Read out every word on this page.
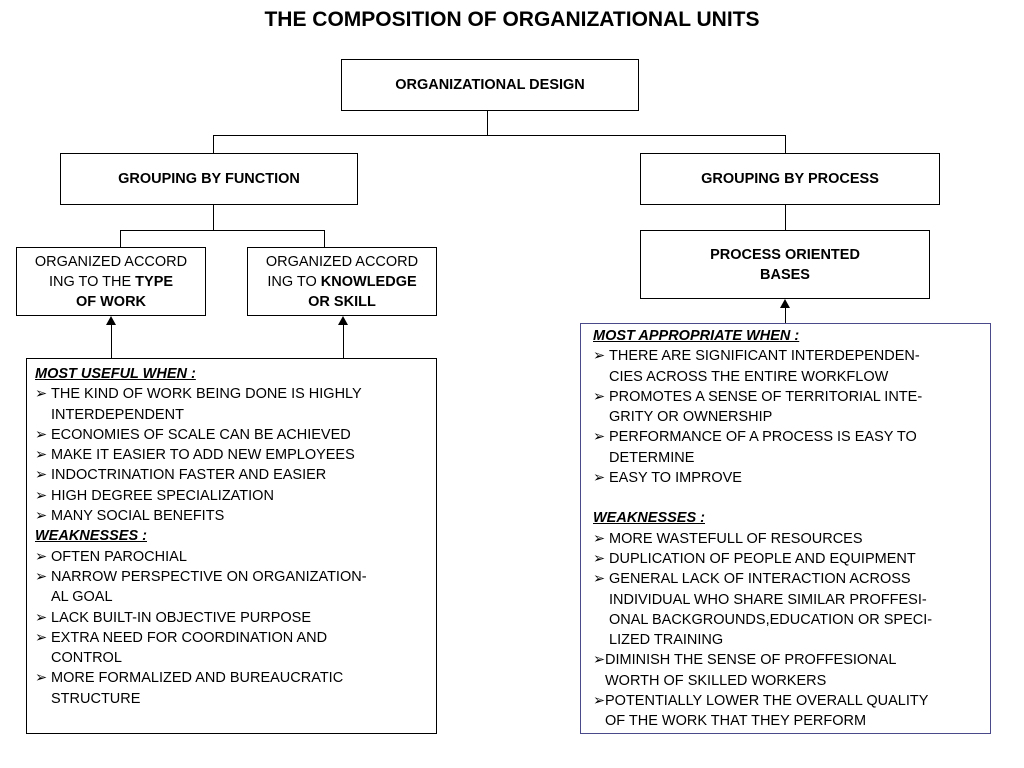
THE COMPOSITION OF ORGANIZATIONAL UNITS
ORGANIZATIONAL DESIGN
GROUPING BY FUNCTION	GROUPING BY PROCESS
ORGANIZED ACCORD
ING TO THE TYPE
OF WORK
ORGANIZED ACCORD
ING TO KNOWLEDGE
OR SKILL
PROCESS ORIENTED
BASES
MOST USEFUL WHEN :
➢ THE KIND OF WORK BEING DONE IS HIGHLY
INTERDEPENDENT
➢ ECONOMIES OF SCALE CAN BE ACHIEVED
➢ MAKE IT EASIER TO ADD NEW EMPLOYEES
➢ INDOCTRINATION FASTER AND EASIER
➢ HIGH DEGREE SPECIALIZATION
➢ MANY SOCIAL BENEFITS
WEAKNESSES :
➢ OFTEN PAROCHIAL
➢ NARROW PERSPECTIVE ON ORGANIZATION-
AL GOAL
➢ LACK BUILT-IN OBJECTIVE PURPOSE
➢ EXTRA NEED FOR COORDINATION AND
CONTROL
➢ MORE FORMALIZED AND BUREAUCRATIC
STRUCTURE
MOST APPROPRIATE WHEN :
➢ THERE ARE SIGNIFICANT INTERDEPENDEN-
CIES ACROSS THE ENTIRE WORKFLOW
➢ PROMOTES A SENSE OF TERRITORIAL INTE-
GRITY OR OWNERSHIP
➢ PERFORMANCE OF A PROCESS IS EASY TO
DETERMINE
➢ EASY TO IMPROVE
WEAKNESSES :
➢ MORE WASTEFULL OF RESOURCES
➢ DUPLICATION OF PEOPLE AND EQUIPMENT
➢ GENERAL LACK OF INTERACTION ACROSS
INDIVIDUAL WHO SHARE SIMILAR PROFFESI-
ONAL BACKGROUNDS,EDUCATION OR SPECI-
LIZED TRAINING
➢ DIMINISH THE SENSE OF PROFFESIONAL
WORTH OF SKILLED WORKERS
➢ POTENTIALLY LOWER THE OVERALL QUALITY
OF THE WORK THAT THEY PERFORM
